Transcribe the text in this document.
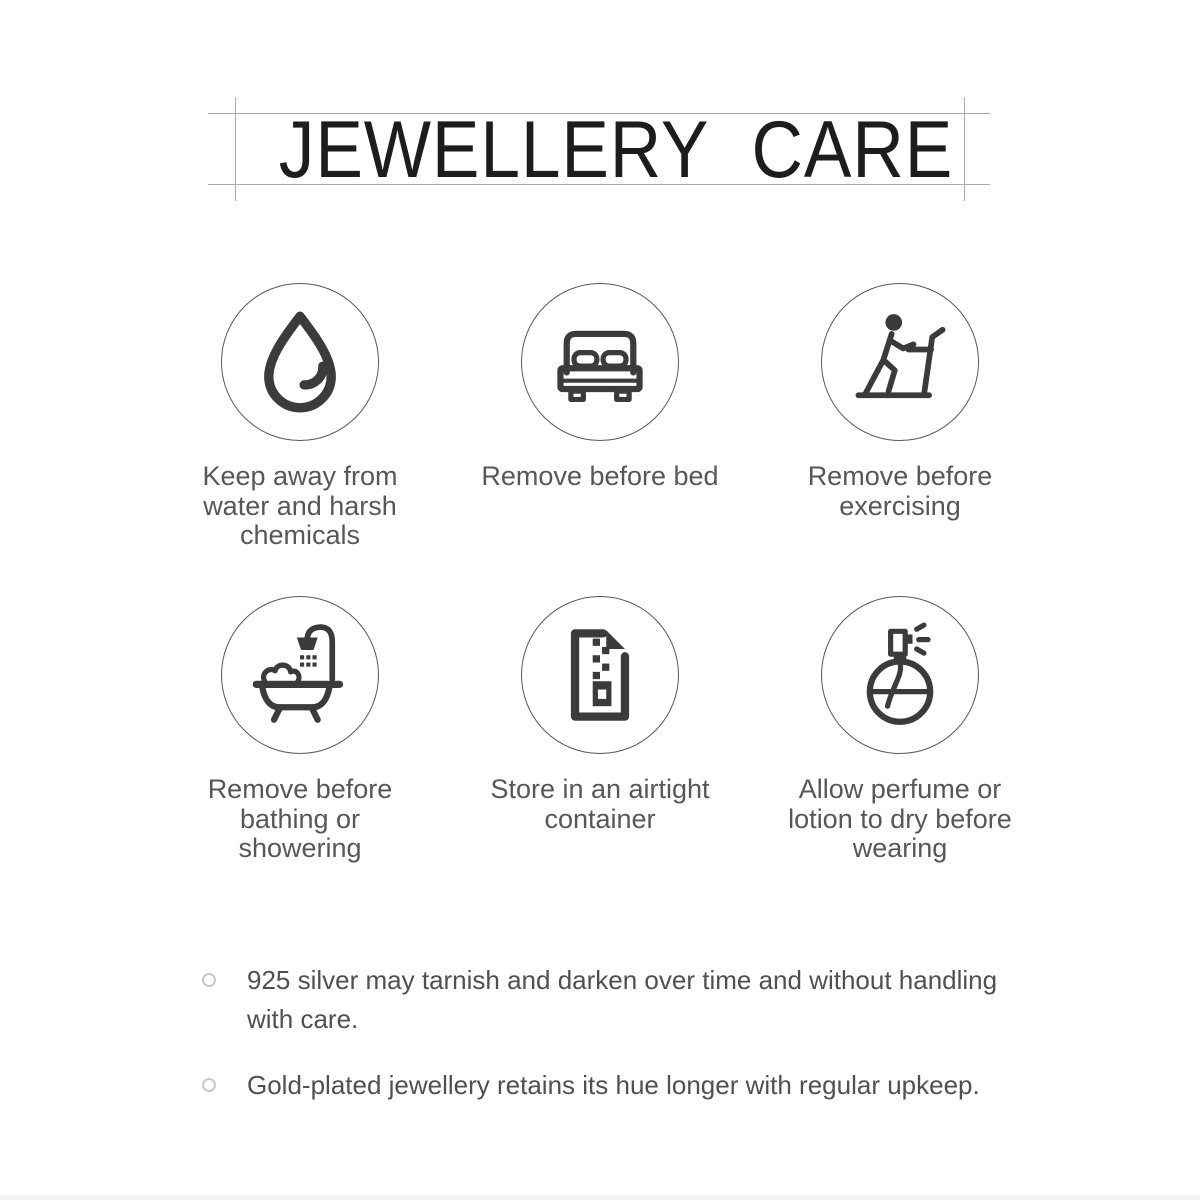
JEWELLERY CARE
Keep away from water and harsh chemicals
Remove before bed	Remove before exercising
Remove before bathing or showering
Store in an airtight container
Allow perfume or lotion to dry before wearing
925 silver may tarnish and darken over time and without handling with care.
Gold-plated jewellery retains its hue longer with regular upkeep.
